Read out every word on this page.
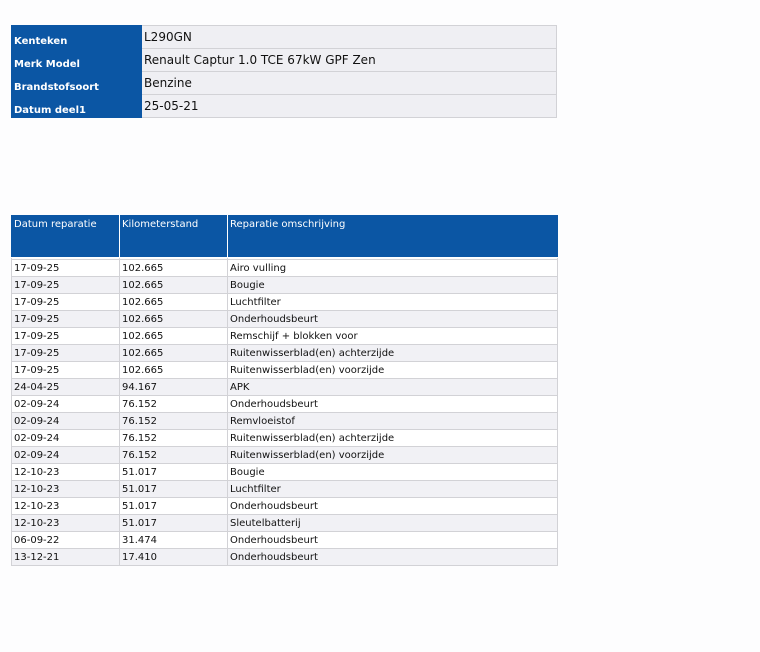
Kenteken	L290GN
Merk Model	Renault Captur 1.0 TCE 67kW GPF Zen
Brandstofsoort	Benzine
Datum deel1	25-05-21
Datum reparatie	Kilometerstand	Reparatie omschrijving

17-09-25	102.665	Airo vulling
17-09-25	102.665	Bougie
17-09-25	102.665	Luchtfilter
17-09-25	102.665	Onderhoudsbeurt
17-09-25	102.665	Remschijf + blokken voor
17-09-25	102.665	Ruitenwisserblad(en) achterzijde
17-09-25	102.665	Ruitenwisserblad(en) voorzijde
24-04-25	94.167	APK
02-09-24	76.152	Onderhoudsbeurt
02-09-24	76.152	Remvloeistof
02-09-24	76.152	Ruitenwisserblad(en) achterzijde
02-09-24	76.152	Ruitenwisserblad(en) voorzijde
12-10-23	51.017	Bougie
12-10-23	51.017	Luchtfilter
12-10-23	51.017	Onderhoudsbeurt
12-10-23	51.017	Sleutelbatterij
06-09-22	31.474	Onderhoudsbeurt
13-12-21	17.410	Onderhoudsbeurt
